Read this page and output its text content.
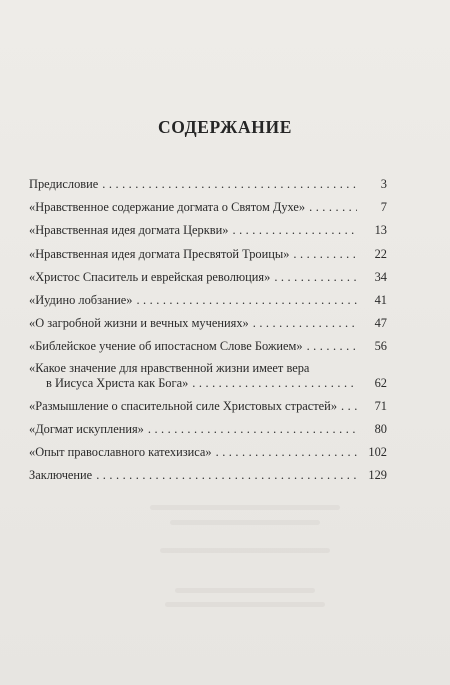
СОДЕРЖАНИЕ
Предисловие . . .	3
«Нравственное содержание догмата о Святом Духе» . . .	7
«Нравственная идея догмата Церкви» . . .	13
«Нравственная идея догмата Пресвятой Троицы» . . .	22
«Христос Спаситель и еврейская революция» . . .	34
«Иудино лобзание» . . .	41
«О загробной жизни и вечных мучениях» . . .	47
«Библейское учение об ипостасном Слове Божием» . . .	56
«Какое значение для нравственной жизни имеет вера
в Иисуса Христа как Бога» . . .	62
«Размышление о спасительной силе Христовых страстей» . . .	71
«Догмат искупления» . . .	80
«Опыт православного катехизиса» . . .	102
Заключение . . .	129
